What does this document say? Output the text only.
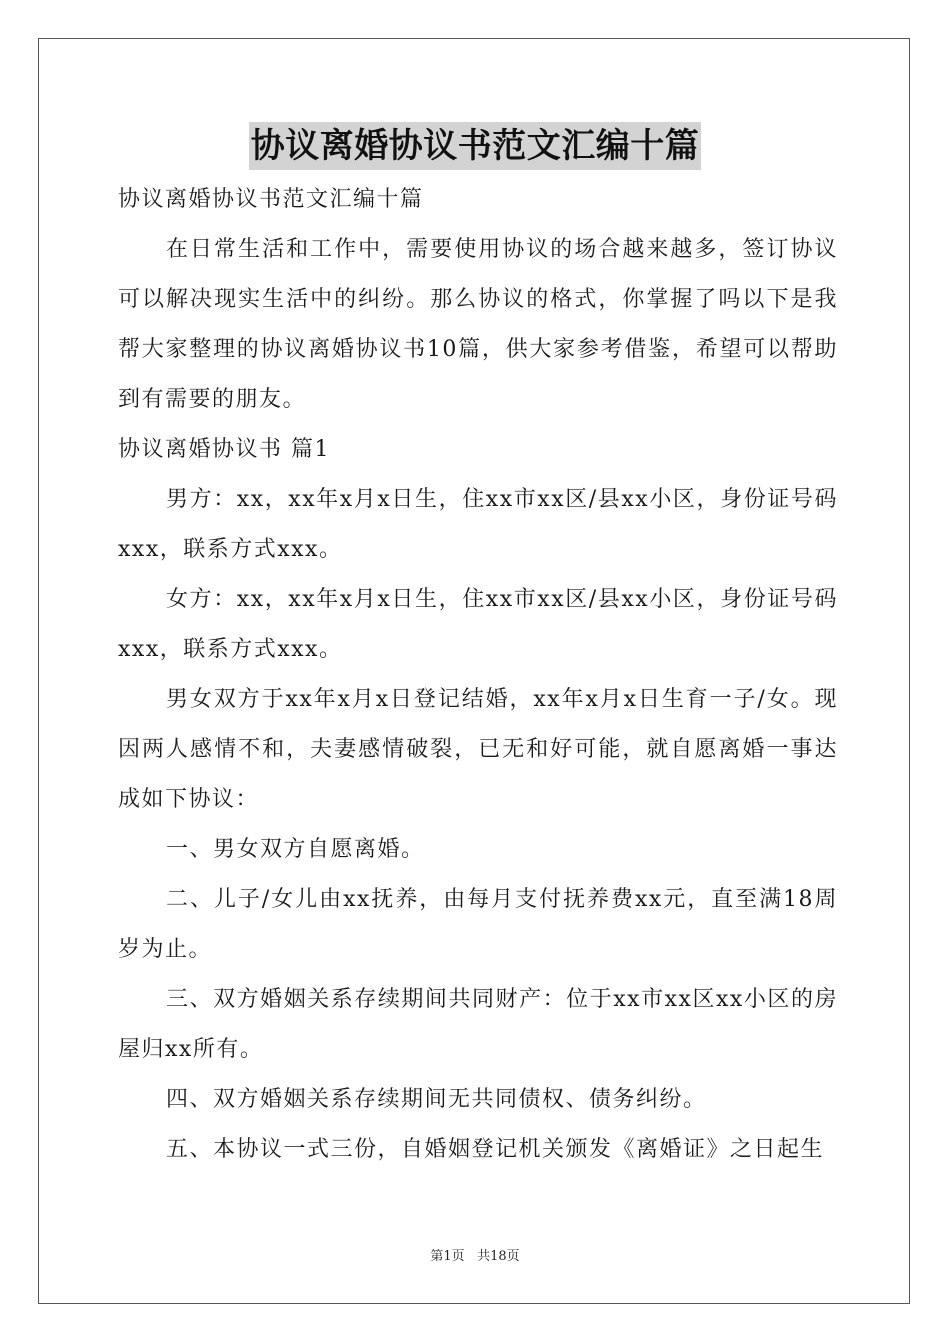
协议离婚协议书范文汇编十篇

协议离婚协议书范文汇编十篇

在日常生活和工作中，需要使用协议的场合越来越多，签订协议可以解决现实生活中的纠纷。那么协议的格式，你掌握了吗以下是我帮大家整理的协议离婚协议书10篇，供大家参考借鉴，希望可以帮助到有需要的朋友。

协议离婚协议书 篇1

男方：xx，xx年x月x日生，住xx市xx区/县xx小区，身份证号码xxx，联系方式xxx。

女方：xx，xx年x月x日生，住xx市xx区/县xx小区，身份证号码xxx，联系方式xxx。

男女双方于xx年x月x日登记结婚，xx年x月x日生育一子/女。现因两人感情不和，夫妻感情破裂，已无和好可能，就自愿离婚一事达成如下协议：

一、男女双方自愿离婚。

二、儿子/女儿由xx抚养，由每月支付抚养费xx元，直至满18周岁为止。

三、双方婚姻关系存续期间共同财产：位于xx市xx区xx小区的房屋归xx所有。

四、双方婚姻关系存续期间无共同债权、债务纠纷。

五、本协议一式三份，自婚姻登记机关颁发《离婚证》之日起生

第1页 共18页
